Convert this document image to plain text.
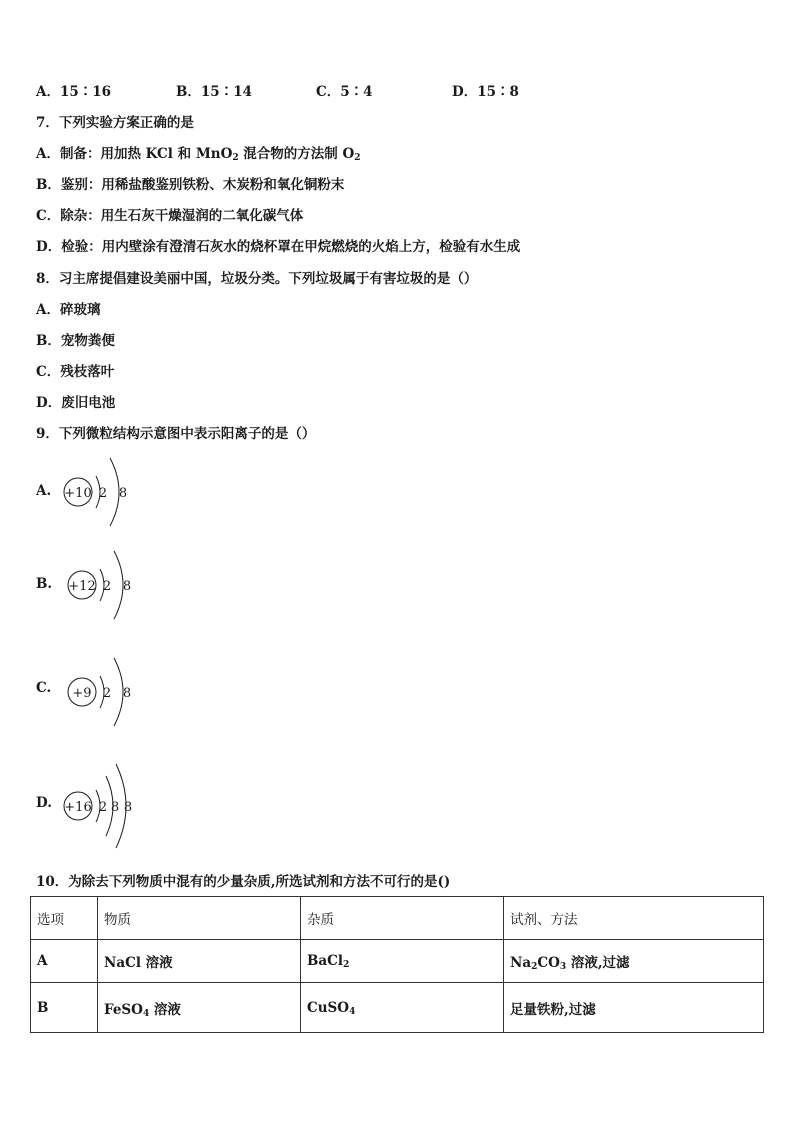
A．15∶16	B．15∶14	C．5∶4	D．15∶8
7．下列实验方案正确的是
A．制备：用加热 KCl 和 MnO$_2$ 混合物的方法制 $O_2$
B．鉴别：用稀盐酸鉴别铁粉、木炭粉和氧化铜粉末
C．除杂：用生石灰干燥湿润的二氧化碳气体
D．检验：用内壁涂有澄清石灰水的烧杯罩在甲烷燃烧的火焰上方，检验有水生成
8．习主席提倡建设美丽中国，垃圾分类。下列垃圾属于有害垃圾的是（）
A．碎玻璃
B．宠物粪便
C．残枝落叶
D．废旧电池
9．下列微粒结构示意图中表示阳离子的是（）
A. +10 2 8
B. +12 2 8
C. +9 2 8
D. +16 2 8 8
10．为除去下列物质中混有的少量杂质,所选试剂和方法不可行的是()
选项	物质	杂质	试剂、方法
A	NaCl 溶液	BaCl$_2$	$Na_2CO_3$ 溶液,过滤
B	FeSO$_4$ 溶液	CuSO$_4$	足量铁粉,过滤
